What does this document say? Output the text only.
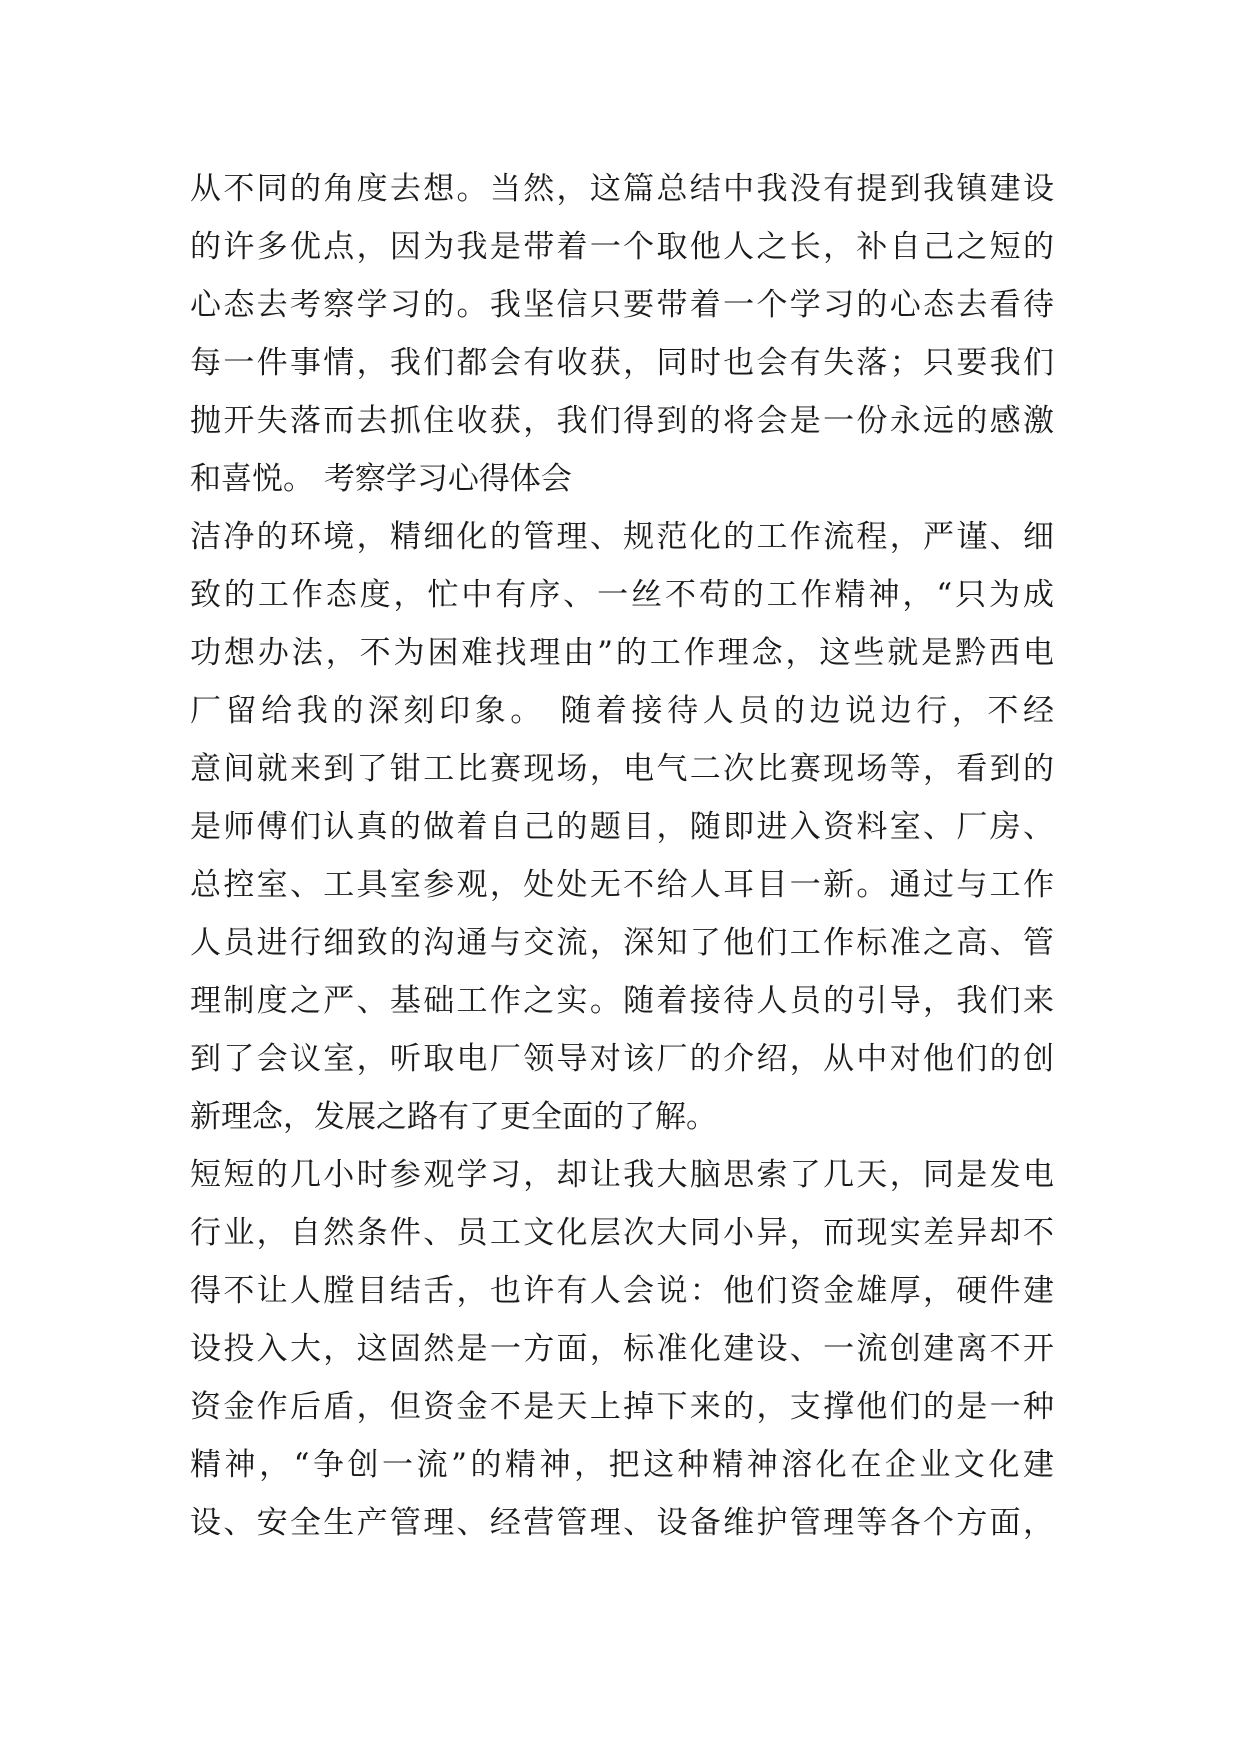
从不同的角度去想。当然，这篇总结中我没有提到我镇建设
的许多优点，因为我是带着一个取他人之长，补自己之短的
心态去考察学习的。我坚信只要带着一个学习的心态去看待
每一件事情，我们都会有收获，同时也会有失落；只要我们
抛开失落而去抓住收获，我们得到的将会是一份永远的感激
和喜悦。 考察学习心得体会
洁净的环境，精细化的管理、规范化的工作流程，严谨、细
致的工作态度，忙中有序、一丝不苟的工作精神，“只为成
功想办法，不为困难找理由”的工作理念，这些就是黔西电
厂留给我的深刻印象。 随着接待人员的边说边行，不经
意间就来到了钳工比赛现场，电气二次比赛现场等，看到的
是师傅们认真的做着自己的题目，随即进入资料室、厂房、
总控室、工具室参观，处处无不给人耳目一新。通过与工作
人员进行细致的沟通与交流，深知了他们工作标准之高、管
理制度之严、基础工作之实。随着接待人员的引导，我们来
到了会议室，听取电厂领导对该厂的介绍，从中对他们的创
新理念，发展之路有了更全面的了解。
短短的几小时参观学习，却让我大脑思索了几天，同是发电
行业，自然条件、员工文化层次大同小异，而现实差异却不
得不让人膛目结舌，也许有人会说：他们资金雄厚，硬件建
设投入大，这固然是一方面，标准化建设、一流创建离不开
资金作后盾，但资金不是天上掉下来的，支撑他们的是一种
精神，“争创一流”的精神，把这种精神溶化在企业文化建
设、安全生产管理、经营管理、设备维护管理等各个方面，
